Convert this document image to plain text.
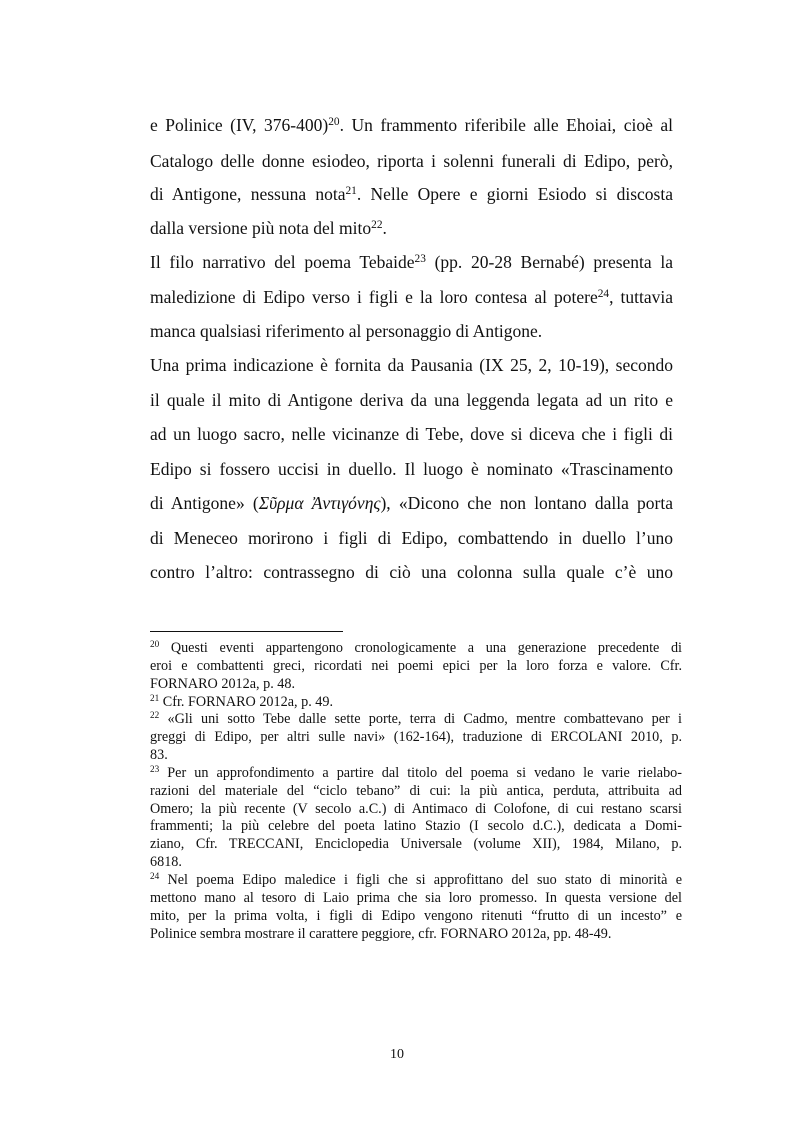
e Polinice (IV, 376-400)$^{20}$. Un frammento riferibile alle Ehoiai, cioè al
Catalogo delle donne esiodeo, riporta i solenni funerali di Edipo, però,
di Antigone, nessuna nota$^{21}$. Nelle Opere e giorni Esiodo si discosta
dalla versione più nota del mito$^{22}$.
Il filo narrativo del poema Tebaide$^{23}$ (pp. 20-28 Bernabé) presenta la
maledizione di Edipo verso i figli e la loro contesa al potere$^{24}$, tuttavia
manca qualsiasi riferimento al personaggio di Antigone.
Una prima indicazione è fornita da Pausania (IX 25, 2, 10-19), secondo
il quale il mito di Antigone deriva da una leggenda legata ad un rito e
ad un luogo sacro, nelle vicinanze di Tebe, dove si diceva che i figli di
Edipo si fossero uccisi in duello. Il luogo è nominato «Trascinamento
di Antigone» (Σῦρμα Ἀντιγόνης), «Dicono che non lontano dalla porta
di Meneceo morirono i figli di Edipo, combattendo in duello l’uno
contro l’altro: contrassegno di ciò una colonna sulla quale c’è uno
$^{20}$ Questi eventi appartengono cronologicamente a una generazione precedente di
eroi e combattenti greci, ricordati nei poemi epici per la loro forza e valore. Cfr.
FORNARO 2012a, p. 48.
$^{21}$ Cfr. FORNARO 2012a, p. 49.
$^{22}$ «Gli uni sotto Tebe dalle sette porte, terra di Cadmo, mentre combattevano per i
greggi di Edipo, per altri sulle navi» (162-164), traduzione di ERCOLANI 2010, p.
83.
$^{23}$ Per un approfondimento a partire dal titolo del poema si vedano le varie rielabo-
razioni del materiale del “ciclo tebano” di cui: la più antica, perduta, attribuita ad
Omero; la più recente (V secolo a.C.) di Antimaco di Colofone, di cui restano scarsi
frammenti; la più celebre del poeta latino Stazio (I secolo d.C.), dedicata a Domi-
ziano, Cfr. TRECCANI, Enciclopedia Universale (volume XII), 1984, Milano, p.
6818.
$^{24}$ Nel poema Edipo maledice i figli che si approfittano del suo stato di minorità e
mettono mano al tesoro di Laio prima che sia loro promesso. In questa versione del
mito, per la prima volta, i figli di Edipo vengono ritenuti “frutto di un incesto” e
Polinice sembra mostrare il carattere peggiore, cfr. FORNARO 2012a, pp. 48-49.
10
